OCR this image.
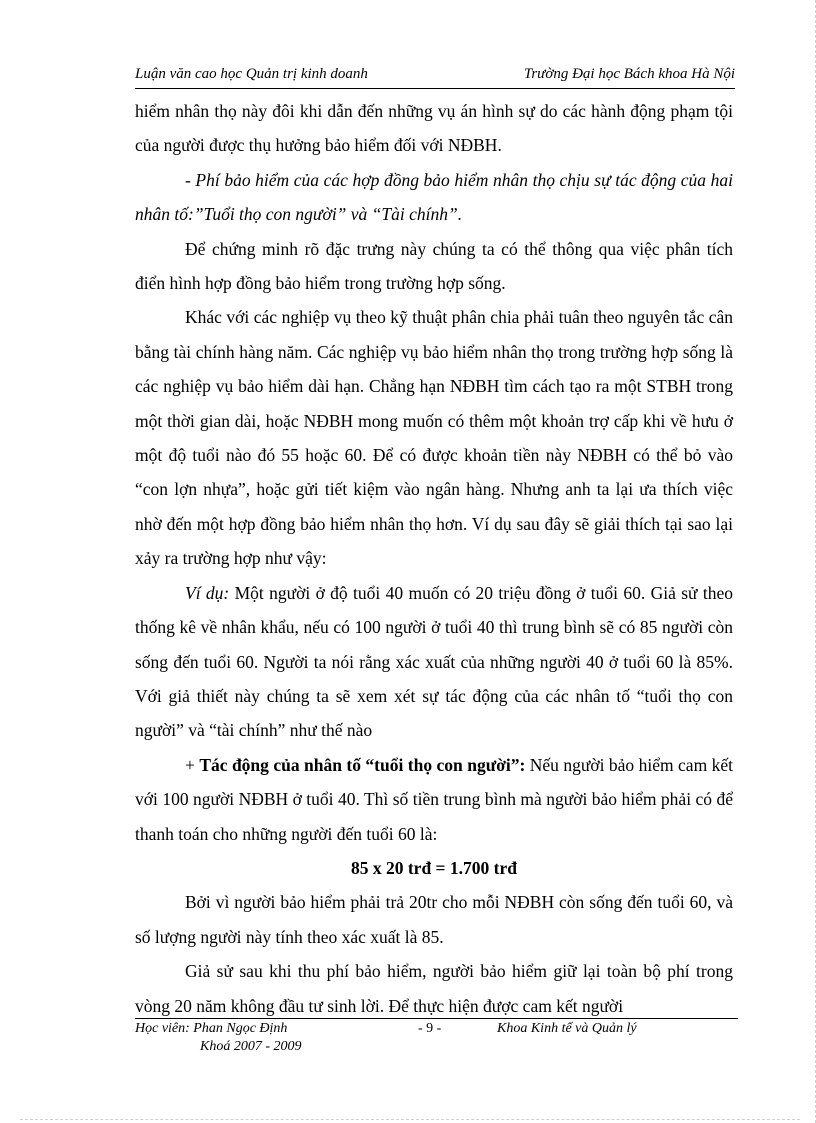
Luận văn cao học Quản trị kinh doanh	Trường Đại học Bách khoa Hà Nội

hiểm nhân thọ này đôi khi dẫn đến những vụ án hình sự do các hành động phạm tội của người được thụ hưởng bảo hiểm đối với NĐBH.

- Phí bảo hiểm của các hợp đồng bảo hiểm nhân thọ chịu sự tác động của hai nhân tố:”Tuổi thọ con người” và “Tài chính”.

Để chứng minh rõ đặc trưng này chúng ta có thể thông qua việc phân tích điển hình hợp đồng bảo hiểm trong trường hợp sống.

Khác với các nghiệp vụ theo kỹ thuật phân chia phải tuân theo nguyên tắc cân bằng tài chính hàng năm. Các nghiệp vụ bảo hiểm nhân thọ trong trường hợp sống là các nghiệp vụ bảo hiểm dài hạn. Chẳng hạn NĐBH tìm cách tạo ra một STBH trong một thời gian dài, hoặc NĐBH mong muốn có thêm một khoản trợ cấp khi về hưu ở một độ tuổi nào đó 55 hoặc 60. Để có được khoản tiền này NĐBH có thể bỏ vào “con lợn nhựa”, hoặc gửi tiết kiệm vào ngân hàng. Nhưng anh ta lại ưa thích việc nhờ đến một hợp đồng bảo hiểm nhân thọ hơn. Ví dụ sau đây sẽ giải thích tại sao lại xảy ra trường hợp như vậy:

Ví dụ: Một người ở độ tuổi 40 muốn có 20 triệu đồng ở tuổi 60. Giả sử theo thống kê về nhân khẩu, nếu có 100 người ở tuổi 40 thì trung bình sẽ có 85 người còn sống đến tuổi 60. Người ta nói rằng xác xuất của những người 40 ở tuổi 60 là 85%. Với giả thiết này chúng ta sẽ xem xét sự tác động của các nhân tố “tuổi thọ con người” và “tài chính” như thế nào

+ Tác động của nhân tố “tuổi thọ con người”: Nếu người bảo hiểm cam kết với 100 người NĐBH ở tuổi 40. Thì số tiền trung bình mà người bảo hiểm phải có để thanh toán cho những người đến tuổi 60 là:

85 x 20 trđ = 1.700 trđ

Bởi vì người bảo hiểm phải trả 20tr cho mỗi NĐBH còn sống đến tuổi 60, và số lượng người này tính theo xác xuất là 85.

Giả sử sau khi thu phí bảo hiểm, người bảo hiểm giữ lại toàn bộ phí trong vòng 20 năm không đầu tư sinh lời. Để thực hiện được cam kết người

Học viên: Phan Ngọc Định
Khoá 2007 - 2009
- 9 -	Khoa Kinh tế và Quản lý
